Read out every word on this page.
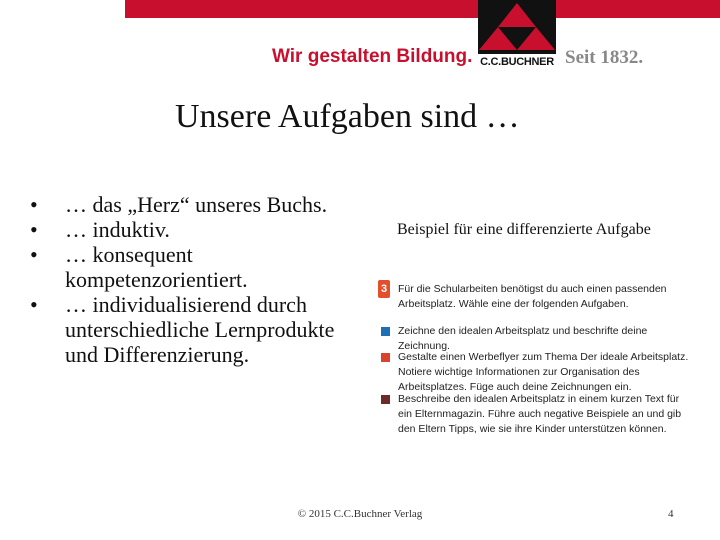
C.C.BUCHNER
Wir gestalten Bildung.	Seit 1832.
Unsere Aufgaben sind …
• … das „Herz“ unseres Buchs.
• … induktiv.
• … konsequent kompetenzorientiert.
• … individualisierend durch unterschiedliche Lernprodukte und Differenzierung.
Beispiel für eine differenzierte Aufgabe
3 Für die Schularbeiten benötigst du auch einen passenden Arbeitsplatz. Wähle eine der folgenden Aufgaben.
Zeichne den idealen Arbeitsplatz und beschrifte deine Zeichnung.
Gestalte einen Werbeflyer zum Thema Der ideale Arbeitsplatz. Notiere wichtige Informationen zur Organisation des Arbeitsplatzes. Füge auch deine Zeichnungen ein.
Beschreibe den idealen Arbeitsplatz in einem kurzen Text für ein Elternmagazin. Führe auch negative Beispiele an und gib den Eltern Tipps, wie sie ihre Kinder unterstützen können.
© 2015 C.C.Buchner Verlag	4
